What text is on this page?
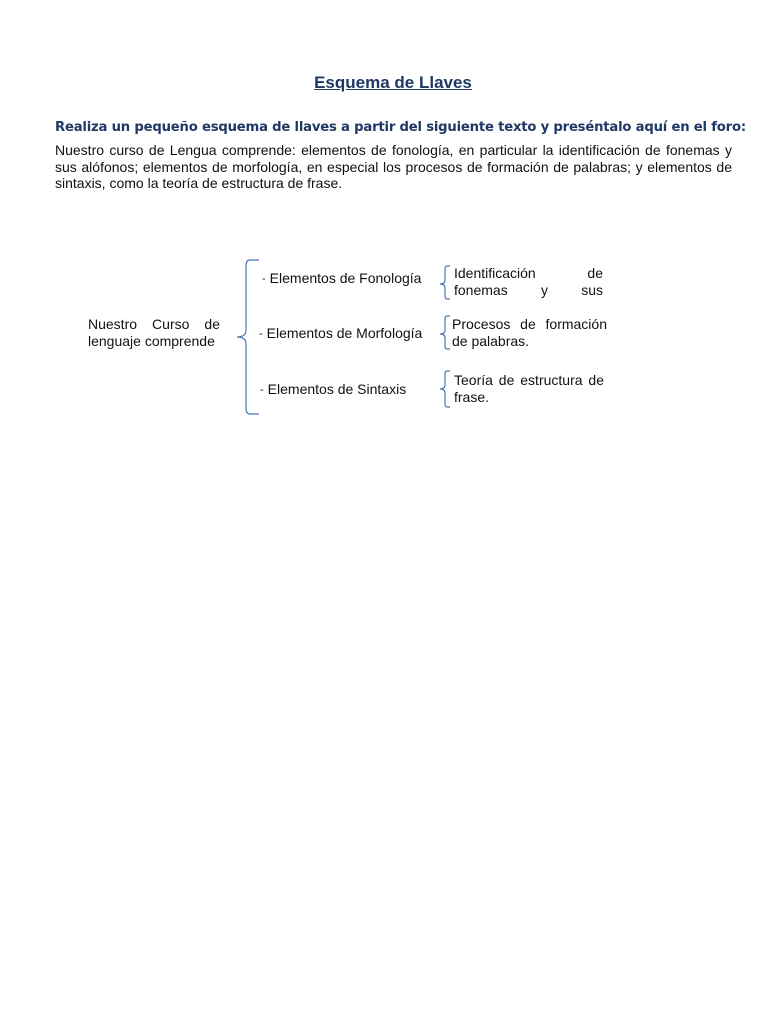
Esquema de Llaves
Realiza un pequeño esquema de llaves a partir del siguiente texto y preséntalo aquí en el foro:
Nuestro curso de Lengua comprende: elementos de fonología, en particular la identificación de fonemas y sus alófonos; elementos de morfología, en especial los procesos de formación de palabras; y elementos de sintaxis, como la teoría de estructura de frase.
Nuestro Curso de lenguaje comprende
- Elementos de Fonología
- Elementos de Morfología
- Elementos de Sintaxis
Identificación de fonemas y sus
Procesos de formación de palabras.
Teoría de estructura de frase.
